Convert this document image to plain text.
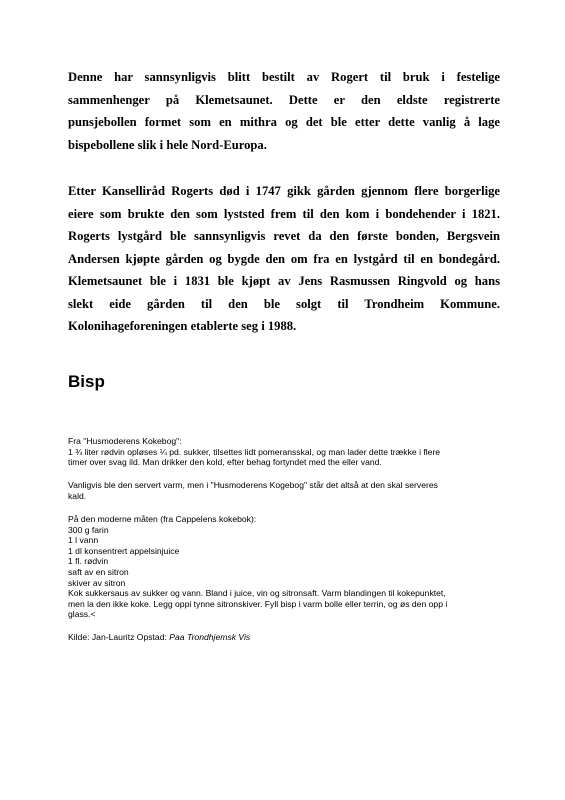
Denne har sannsynligvis blitt bestilt av Rogert til bruk i festelige
sammenhenger på Klemetsaunet. Dette er den eldste registrerte
punsjebollen formet som en mithra og det ble etter dette vanlig å lage
bispebollene slik i hele Nord-Europa.
Etter Kanselliråd Rogerts død i 1747 gikk gården gjennom flere borgerlige
eiere som brukte den som lyststed frem til den kom i bondehender i 1821.
Rogerts lystgård ble sannsynligvis revet da den første bonden, Bergsvein
Andersen kjøpte gården og bygde den om fra en lystgård til en bondegård.
Klemetsaunet ble i 1831 ble kjøpt av Jens Rasmussen Ringvold og hans
slekt eide gården til den ble solgt til Trondheim Kommune.
Kolonihageforeningen etablerte seg i 1988.
Bisp
Fra "Husmoderens Kokebog":
1 ¾ liter rødvin opløses ¼ pd. sukker, tilsettes lidt pomeransskal, og man lader dette trække i flere
timer over svag ild. Man drikker den kold, efter behag fortyndet med the eller vand.
Vanligvis ble den servert varm, men i "Husmoderens Kogebog" står det altså at den skal serveres
kald.
På den moderne måten (fra Cappelens kokebok):
300 g farin
1 l vann
1 dl konsentrert appelsinjuice
1 fl. rødvin
saft av en sitron
skiver av sitron
Kok sukkersaus av sukker og vann. Bland i juice, vin og sitronsaft. Varm blandingen til kokepunktet,
men la den ikke koke. Legg oppi tynne sitronskiver. Fyll bisp i varm bolle eller terrin, og øs den opp i
glass.<
Kilde: Jan-Lauritz Opstad: Paa Trondhjemsk Vis
